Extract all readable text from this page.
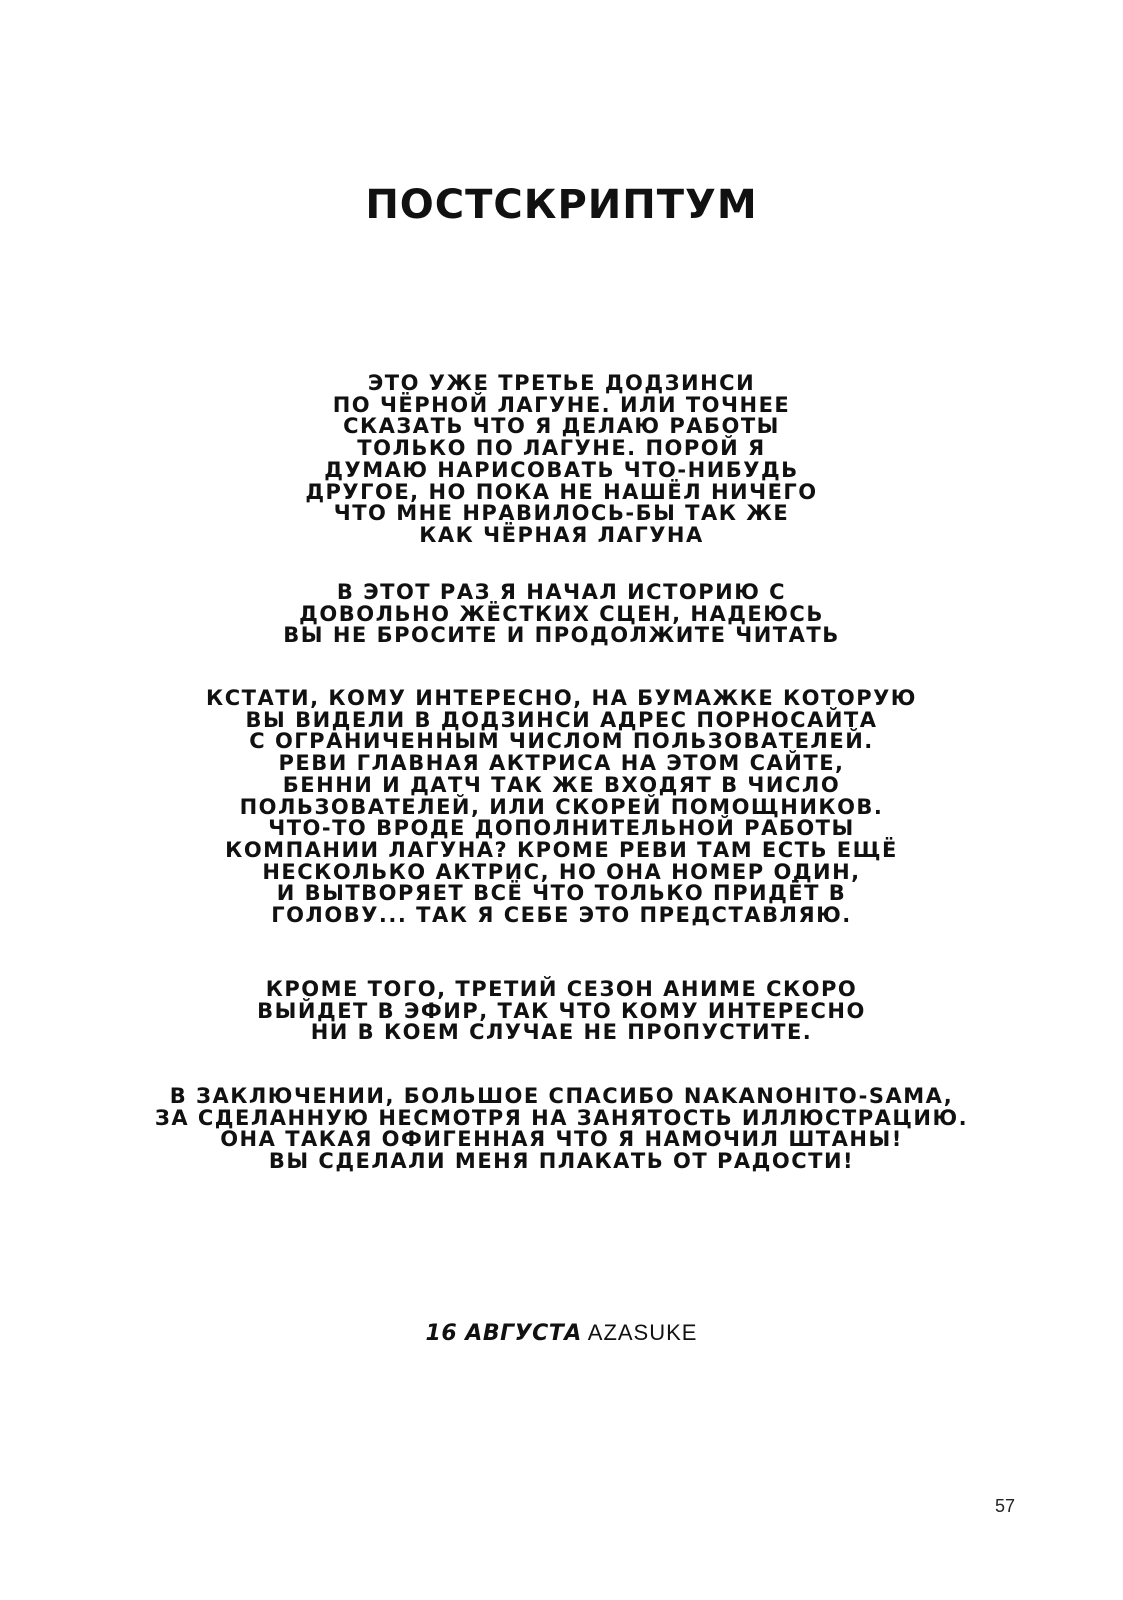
ПОСТСКРИПТУМ

ЭТО УЖЕ ТРЕТЬЕ ДОДЗИНСИ
ПО ЧЁРНОЙ ЛАГУНЕ. ИЛИ ТОЧНЕЕ
СКАЗАТЬ ЧТО Я ДЕЛАЮ РАБОТЫ
ТОЛЬКО ПО ЛАГУНЕ. ПОРОЙ Я
ДУМАЮ НАРИСОВАТЬ ЧТО-НИБУДЬ
ДРУГОЕ, НО ПОКА НЕ НАШЁЛ НИЧЕГО
ЧТО МНЕ НРАВИЛОСЬ-БЫ ТАК ЖЕ
КАК ЧЁРНАЯ ЛАГУНА

В ЭТОТ РАЗ Я НАЧАЛ ИСТОРИЮ С
ДОВОЛЬНО ЖЁСТКИХ СЦЕН, НАДЕЮСЬ
ВЫ НЕ БРОСИТЕ И ПРОДОЛЖИТЕ ЧИТАТЬ

КСТАТИ, КОМУ ИНТЕРЕСНО, НА БУМАЖКЕ КОТОРУЮ
ВЫ ВИДЕЛИ В ДОДЗИНСИ АДРЕС ПОРНОСАЙТА
С ОГРАНИЧЕННЫМ ЧИСЛОМ ПОЛЬЗОВАТЕЛЕЙ.
РЕВИ ГЛАВНАЯ АКТРИСА НА ЭТОМ САЙТЕ,
БЕННИ И ДАТЧ ТАК ЖЕ ВХОДЯТ В ЧИСЛО
ПОЛЬЗОВАТЕЛЕЙ, ИЛИ СКОРЕЙ ПОМОЩНИКОВ.
ЧТО-ТО ВРОДЕ ДОПОЛНИТЕЛЬНОЙ РАБОТЫ
КОМПАНИИ ЛАГУНА? КРОМЕ РЕВИ ТАМ ЕСТЬ ЕЩЁ
НЕСКОЛЬКО АКТРИС, НО ОНА НОМЕР ОДИН,
И ВЫТВОРЯЕТ ВСЁ ЧТО ТОЛЬКО ПРИДЁТ В
ГОЛОВУ... ТАК Я СЕБЕ ЭТО ПРЕДСТАВЛЯЮ.

КРОМЕ ТОГО, ТРЕТИЙ СЕЗОН АНИМЕ СКОРО
ВЫЙДЕТ В ЭФИР, ТАК ЧТО КОМУ ИНТЕРЕСНО
НИ В КОЕМ СЛУЧАЕ НЕ ПРОПУСТИТЕ.

В ЗАКЛЮЧЕНИИ, БОЛЬШОЕ СПАСИБО NAKANOHITO-SAMA,
ЗА СДЕЛАННУЮ НЕСМОТРЯ НА ЗАНЯТОСТЬ ИЛЛЮСТРАЦИЮ.
ОНА ТАКАЯ ОФИГЕННАЯ ЧТО Я НАМОЧИЛ ШТАНЫ!
ВЫ СДЕЛАЛИ МЕНЯ ПЛАКАТЬ ОТ РАДОСТИ!

16 АВГУСТА AZASUKE
57
